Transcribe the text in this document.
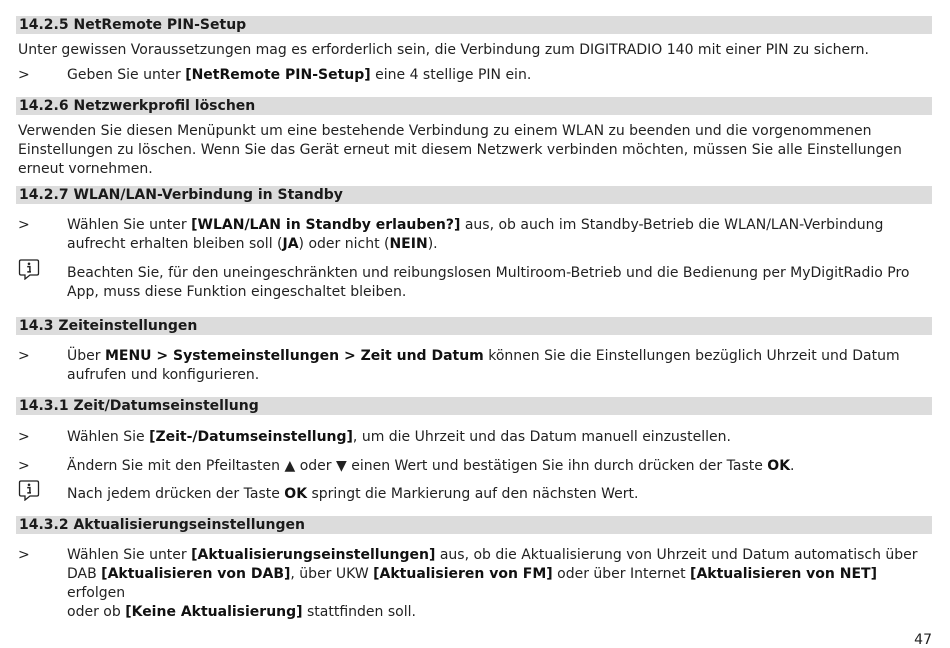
14.2.5 NetRemote PIN-Setup
Unter gewissen Voraussetzungen mag es erforderlich sein, die Verbindung zum DIGITRADIO 140 mit einer PIN zu sichern.
>	Geben Sie unter [NetRemote PIN-Setup] eine 4 stellige PIN ein.
14.2.6 Netzwerkprofil löschen
Verwenden Sie diesen Menüpunkt um eine bestehende Verbindung zu einem WLAN zu beenden und die vorgenommenen
Einstellungen zu löschen. Wenn Sie das Gerät erneut mit diesem Netzwerk verbinden möchten, müssen Sie alle Einstellungen
erneut vornehmen.
14.2.7 WLAN/LAN-Verbindung in Standby
>	Wählen Sie unter [WLAN/LAN in Standby erlauben?] aus, ob auch im Standby-Betrieb die WLAN/LAN-Verbindung
aufrecht erhalten bleiben soll (JA) oder nicht (NEIN).
Beachten Sie, für den uneingeschränkten und reibungslosen Multiroom-Betrieb und die Bedienung per MyDigitRadio Pro
App, muss diese Funktion eingeschaltet bleiben.
14.3 Zeiteinstellungen
>	Über MENU > Systemeinstellungen > Zeit und Datum können Sie die Einstellungen bezüglich Uhrzeit und Datum
aufrufen und konfigurieren.
14.3.1 Zeit/Datumseinstellung
>	Wählen Sie [Zeit-/Datumseinstellung], um die Uhrzeit und das Datum manuell einzustellen.
>	Ändern Sie mit den Pfeiltasten ▲ oder ▼ einen Wert und bestätigen Sie ihn durch drücken der Taste OK.
Nach jedem drücken der Taste OK springt die Markierung auf den nächsten Wert.
14.3.2 Aktualisierungseinstellungen
>	Wählen Sie unter [Aktualisierungseinstellungen] aus, ob die Aktualisierung von Uhrzeit und Datum automatisch über
DAB [Aktualisieren von DAB], über UKW [Aktualisieren von FM] oder über Internet [Aktualisieren von NET] erfolgen
oder ob [Keine Aktualisierung] stattfinden soll.
47
